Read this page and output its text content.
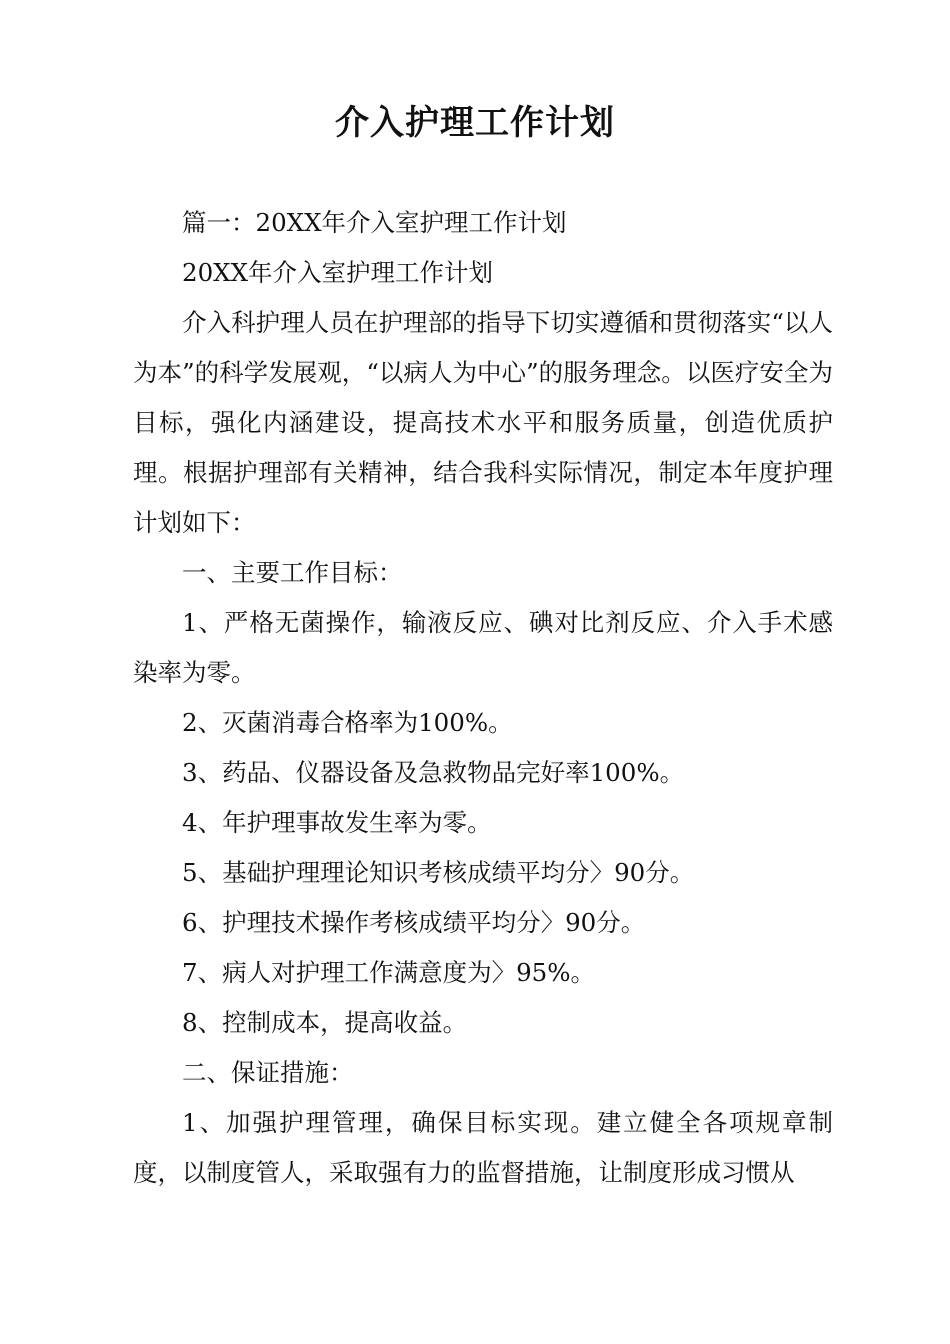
介入护理工作计划

篇一：20XX年介入室护理工作计划

20XX年介入室护理工作计划

介入科护理人员在护理部的指导下切实遵循和贯彻落实“以人为本”的科学发展观，“以病人为中心”的服务理念。以医疗安全为目标，强化内涵建设，提高技术水平和服务质量，创造优质护理。根据护理部有关精神，结合我科实际情况，制定本年度护理计划如下：

一、主要工作目标：

1、严格无菌操作，输液反应、碘对比剂反应、介入手术感染率为零。

2、灭菌消毒合格率为100%。

3、药品、仪器设备及急救物品完好率100%。

4、年护理事故发生率为零。

5、基础护理理论知识考核成绩平均分〉90分。

6、护理技术操作考核成绩平均分〉90分。

7、病人对护理工作满意度为〉95%。

8、控制成本，提高收益。

二、保证措施：

1、加强护理管理，确保目标实现。建立健全各项规章制度，以制度管人，采取强有力的监督措施，让制度形成习惯从
